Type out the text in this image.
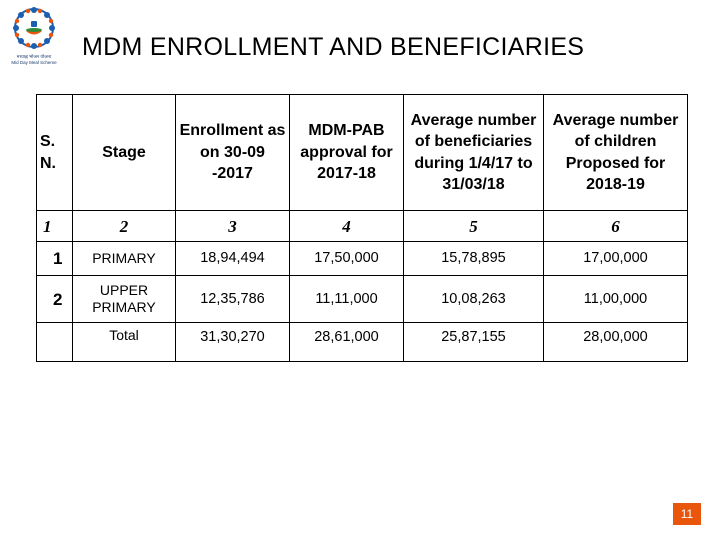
मध्याह्न भोजन योजना
Mid Day Meal Scheme
MDM ENROLLMENT AND BENEFICIARIES
S. N.	Stage	Enrollment as on 30-09 -2017	MDM-PAB approval for 2017-18	Average number of beneficiaries during 1/4/17 to 31/03/18	Average number of children Proposed for 2018-19
1	2	3	4	5	6
1	PRIMARY	18,94,494	17,50,000	15,78,895	17,00,000
2	UPPER PRIMARY	12,35,786	11,11,000	10,08,263	11,00,000
	Total	31,30,270	28,61,000	25,87,155	28,00,000
11
